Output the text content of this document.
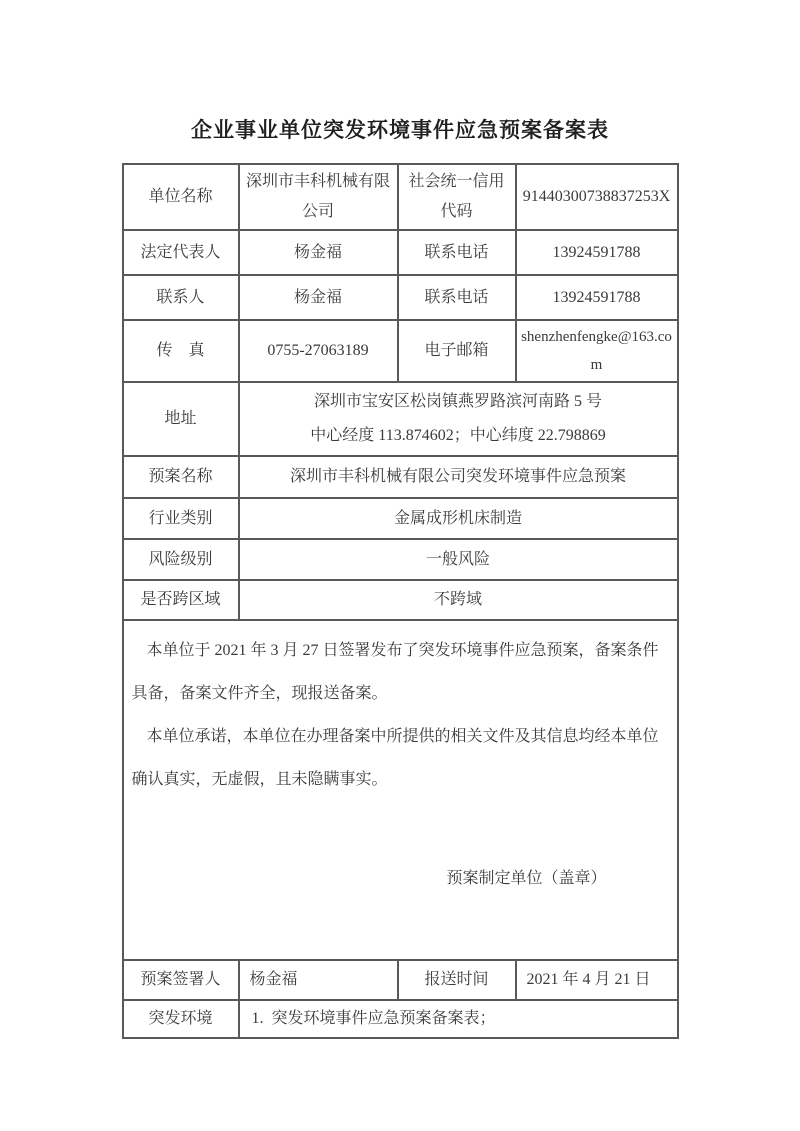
企业事业单位突发环境事件应急预案备案表
单位名称	深圳市丰科机械有限公司	社会统一信用代码	91440300738837253X
法定代表人	杨金福	联系电话	13924591788
联系人	杨金福	联系电话	13924591788
传　真	0755-27063189	电子邮箱	shenzhenfengke@163.com
地址	深圳市宝安区松岗镇燕罗路滨河南路 5 号
中心经度 113.874602；中心纬度 22.798869		

预案名称	深圳市丰科机械有限公司突发环境事件应急预案		
行业类别	金属成形机床制造		
风险级别	一般风险		
是否跨区域	不跨域		

本单位于 2021 年 3 月 27 日签署发布了突发环境事件应急预案，备案条件具备，备案文件齐全，现报送备案。

本单位承诺，本单位在办理备案中所提供的相关文件及其信息均经本单位确认真实，无虚假，且未隐瞒事实。

预案制定单位（盖章）			

预案签署人	杨金福	报送时间	2021 年 4 月 21 日
突发环境	1.  突发环境事件应急预案备案表；		
